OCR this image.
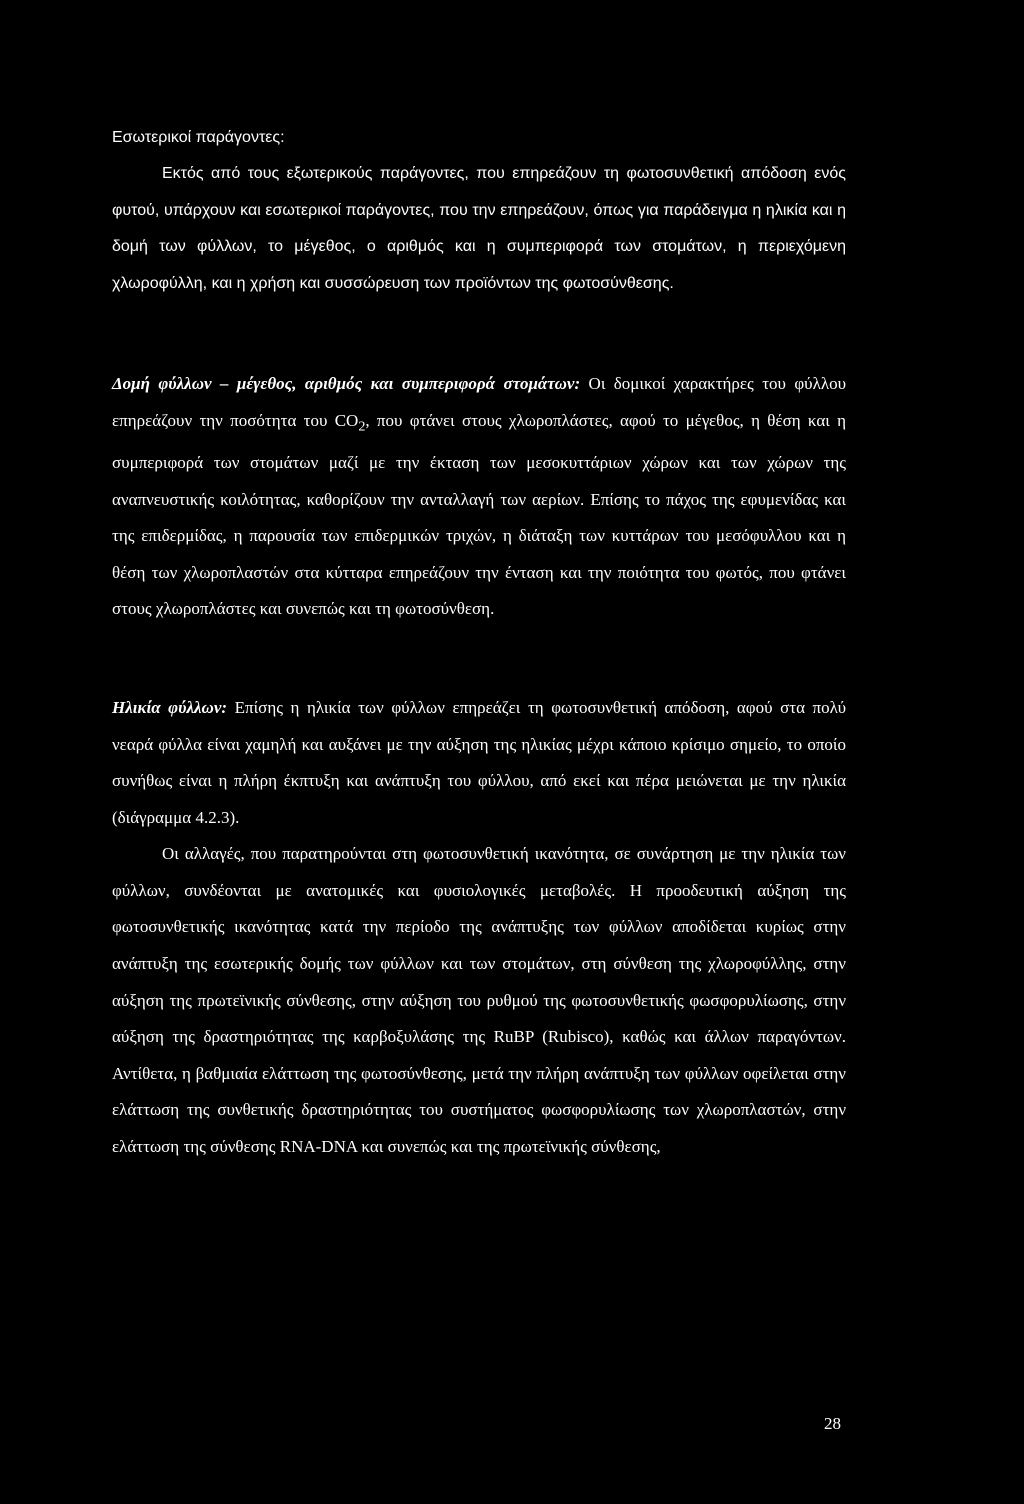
Εσωτερικοί παράγοντες:

Εκτός από τους εξωτερικούς παράγοντες, που επηρεάζουν τη φωτοσυνθετική απόδοση ενός φυτού, υπάρχουν και εσωτερικοί παράγοντες, που την επηρεάζουν, όπως για παράδειγμα η ηλικία και η δομή των φύλλων, το μέγεθος, ο αριθμός και η συμπεριφορά των στομάτων, η περιεχόμενη χλωροφύλλη, και η χρήση και συσσώρευση των προϊόντων της φωτοσύνθεσης.

Δομή φύλλων – μέγεθος, αριθμός και συμπεριφορά στομάτων: Οι δομικοί χαρακτήρες του φύλλου επηρεάζουν την ποσότητα του $CO_2$, που φτάνει στους χλωροπλάστες, αφού το μέγεθος, η θέση και η συμπεριφορά των στομάτων μαζί με την έκταση των μεσοκυττάριων χώρων και των χώρων της αναπνευστικής κοιλότητας, καθορίζουν την ανταλλαγή των αερίων. Επίσης το πάχος της εφυμενίδας και της επιδερμίδας, η παρουσία των επιδερμικών τριχών, η διάταξη των κυττάρων του μεσόφυλλου και η θέση των χλωροπλαστών στα κύτταρα επηρεάζουν την ένταση και την ποιότητα του φωτός, που φτάνει στους χλωροπλάστες και συνεπώς και τη φωτοσύνθεση.

Ηλικία φύλλων: Επίσης η ηλικία των φύλλων επηρεάζει τη φωτοσυνθετική απόδοση, αφού στα πολύ νεαρά φύλλα είναι χαμηλή και αυξάνει με την αύξηση της ηλικίας μέχρι κάποιο κρίσιμο σημείο, το οποίο συνήθως είναι η πλήρη έκπτυξη και ανάπτυξη του φύλλου, από εκεί και πέρα μειώνεται με την ηλικία (διάγραμμα 4.2.3).

Οι αλλαγές, που παρατηρούνται στη φωτοσυνθετική ικανότητα, σε συνάρτηση με την ηλικία των φύλλων, συνδέονται με ανατομικές και φυσιολογικές μεταβολές. Η προοδευτική αύξηση της φωτοσυνθετικής ικανότητας κατά την περίοδο της ανάπτυξης των φύλλων αποδίδεται κυρίως στην ανάπτυξη της εσωτερικής δομής των φύλλων και των στομάτων, στη σύνθεση της χλωροφύλλης, στην αύξηση της πρωτεϊνικής σύνθεσης, στην αύξηση του ρυθμού της φωτοσυνθετικής φωσφορυλίωσης, στην αύξηση της δραστηριότητας της καρβοξυλάσης της RuBP (Rubisco), καθώς και άλλων παραγόντων. Αντίθετα, η βαθμιαία ελάττωση της φωτοσύνθεσης, μετά την πλήρη ανάπτυξη των φύλλων οφείλεται στην ελάττωση της συνθετικής δραστηριότητας του συστήματος φωσφορυλίωσης των χλωροπλαστών, στην ελάττωση της σύνθεσης RNA-DNA και συνεπώς και της πρωτεϊνικής σύνθεσης,

28
